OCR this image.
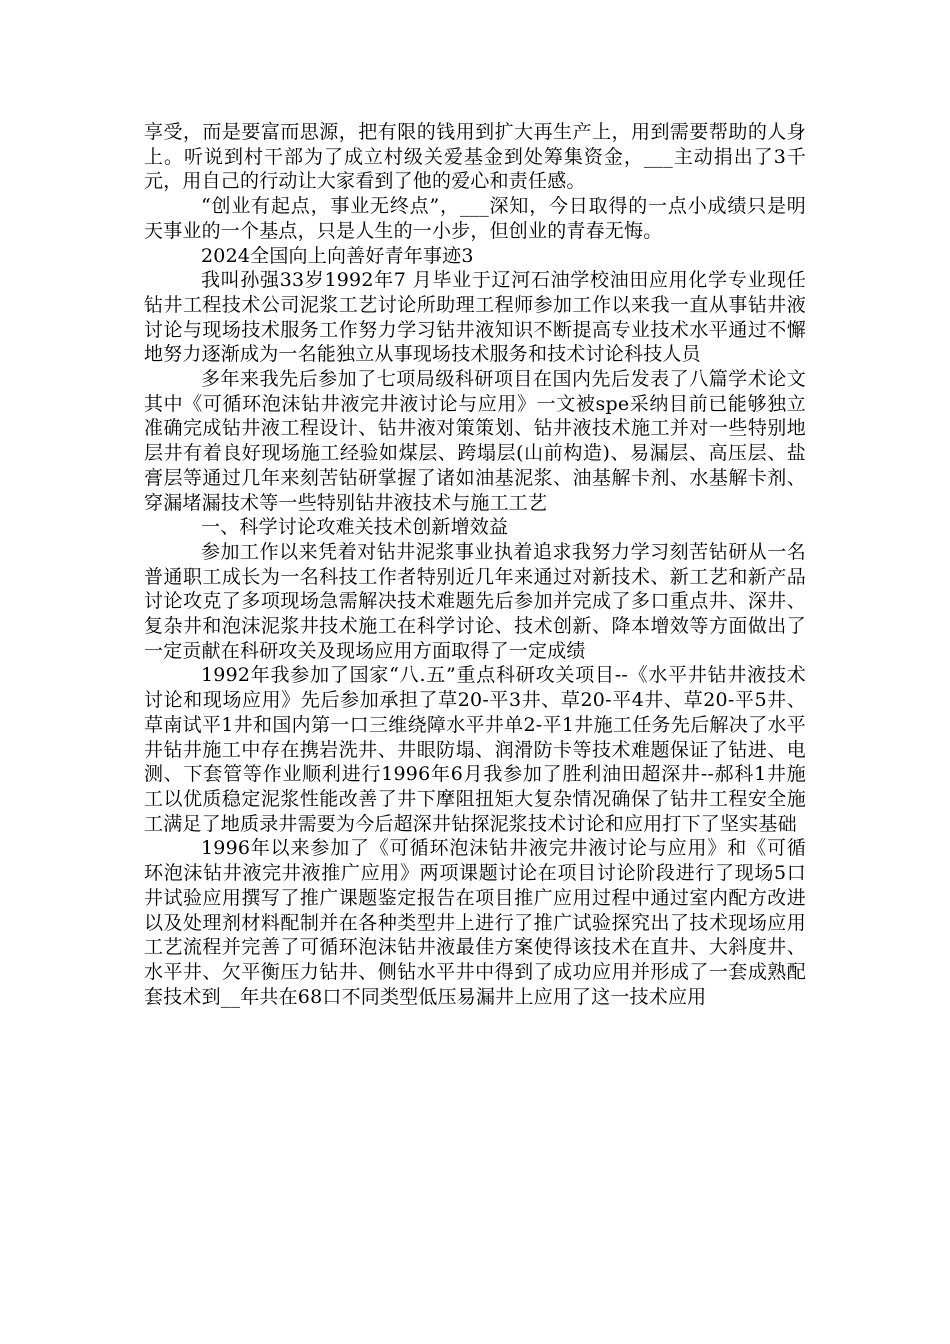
享受，而是要富而思源，把有限的钱用到扩大再生产上，用到需要帮助的人身上。听说到村干部为了成立村级关爱基金到处筹集资金，___主动捐出了3千元，用自己的行动让大家看到了他的爱心和责任感。

“创业有起点，事业无终点”，___深知，今日取得的一点小成绩只是明天事业的一个基点，只是人生的一小步，但创业的青春无悔。

2024全国向上向善好青年事迹3

我叫孙强33岁1992年7 月毕业于辽河石油学校油田应用化学专业现任钻井工程技术公司泥浆工艺讨论所助理工程师参加工作以来我一直从事钻井液讨论与现场技术服务工作努力学习钻井液知识不断提高专业技术水平通过不懈地努力逐渐成为一名能独立从事现场技术服务和技术讨论科技人员

多年来我先后参加了七项局级科研项目在国内先后发表了八篇学术论文其中《可循环泡沫钻井液完井液讨论与应用》一文被spe采纳目前已能够独立准确完成钻井液工程设计、钻井液对策策划、钻井液技术施工并对一些特别地层井有着良好现场施工经验如煤层、跨塌层(山前构造)、易漏层、高压层、盐膏层等通过几年来刻苦钻研掌握了诸如油基泥浆、油基解卡剂、水基解卡剂、穿漏堵漏技术等一些特别钻井液技术与施工工艺

一、科学讨论攻难关技术创新增效益

参加工作以来凭着对钻井泥浆事业执着追求我努力学习刻苦钻研从一名普通职工成长为一名科技工作者特别近几年来通过对新技术、新工艺和新产品讨论攻克了多项现场急需解决技术难题先后参加并完成了多口重点井、深井、复杂井和泡沫泥浆井技术施工在科学讨论、技术创新、降本增效等方面做出了一定贡献在科研攻关及现场应用方面取得了一定成绩

1992年我参加了国家“八.五”重点科研攻关项目--《水平井钻井液技术讨论和现场应用》先后参加承担了草20-平3井、草20-平4井、草20-平5井、草南试平1井和国内第一口三维绕障水平井单2-平1井施工任务先后解决了水平井钻井施工中存在携岩洗井、井眼防塌、润滑防卡等技术难题保证了钻进、电测、下套管等作业顺利进行1996年6月我参加了胜利油田超深井--郝科1井施工以优质稳定泥浆性能改善了井下摩阻扭矩大复杂情况确保了钻井工程安全施工满足了地质录井需要为今后超深井钻探泥浆技术讨论和应用打下了坚实基础

1996年以来参加了《可循环泡沫钻井液完井液讨论与应用》和《可循环泡沫钻井液完井液推广应用》两项课题讨论在项目讨论阶段进行了现场5口井试验应用撰写了推广课题鉴定报告在项目推广应用过程中通过室内配方改进以及处理剂材料配制并在各种类型井上进行了推广试验探究出了技术现场应用工艺流程并完善了可循环泡沫钻井液最佳方案使得该技术在直井、大斜度井、水平井、欠平衡压力钻井、侧钻水平井中得到了成功应用并形成了一套成熟配套技术到__年共在68口不同类型低压易漏井上应用了这一技术应用
